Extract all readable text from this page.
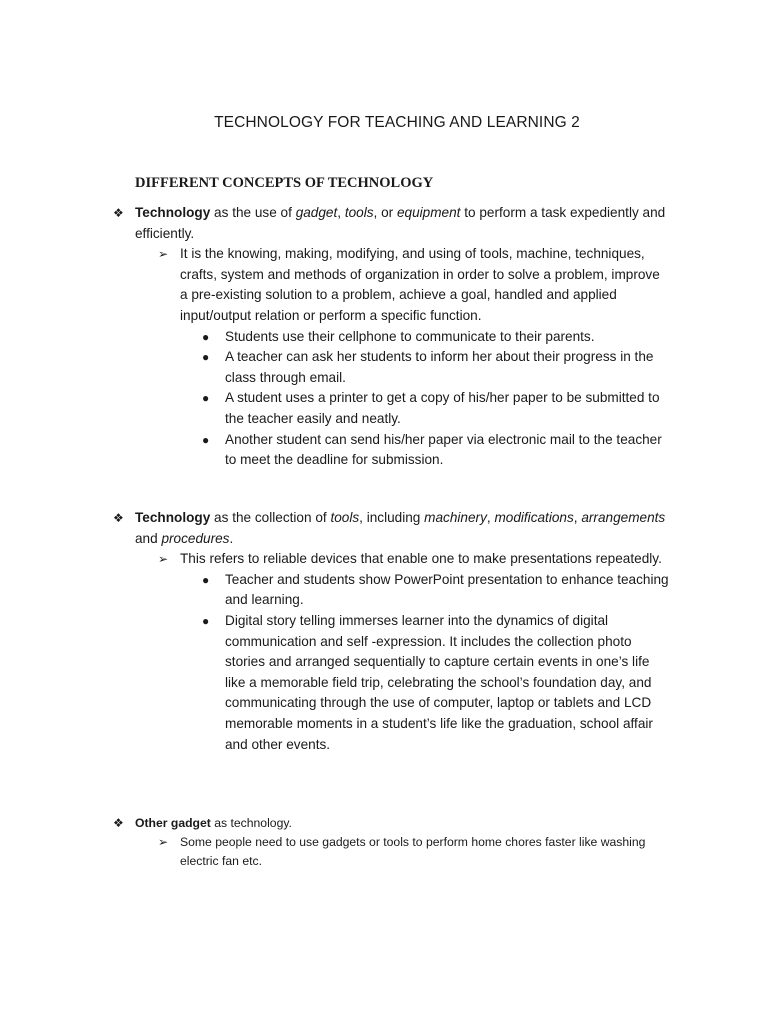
TECHNOLOGY FOR TEACHING AND LEARNING 2
DIFFERENT CONCEPTS OF TECHNOLOGY
❖ Technology as the use of gadget, tools, or equipment to perform a task expediently and
efficiently.
➢ It is the knowing, making, modifying, and using of tools, machine, techniques,
crafts, system and methods of organization in order to solve a problem, improve
a pre-existing solution to a problem, achieve a goal, handled and applied
input/output relation or perform a specific function.
● Students use their cellphone to communicate to their parents.
● A teacher can ask her students to inform her about their progress in the
class through email.
● A student uses a printer to get a copy of his/her paper to be submitted to
the teacher easily and neatly.
● Another student can send his/her paper via electronic mail to the teacher
to meet the deadline for submission.
❖ Technology as the collection of tools, including machinery, modifications, arrangements
and procedures.
➢ This refers to reliable devices that enable one to make presentations repeatedly.
● Teacher and students show PowerPoint presentation to enhance teaching
and learning.
● Digital story telling immerses learner into the dynamics of digital
communication and self -expression. It includes the collection photo
stories and arranged sequentially to capture certain events in one’s life
like a memorable field trip, celebrating the school’s foundation day, and
communicating through the use of computer, laptop or tablets and LCD
memorable moments in a student’s life like the graduation, school affair
and other events.
❖ Other gadget as technology.
➢ Some people need to use gadgets or tools to perform home chores faster like washing
electric fan etc.
